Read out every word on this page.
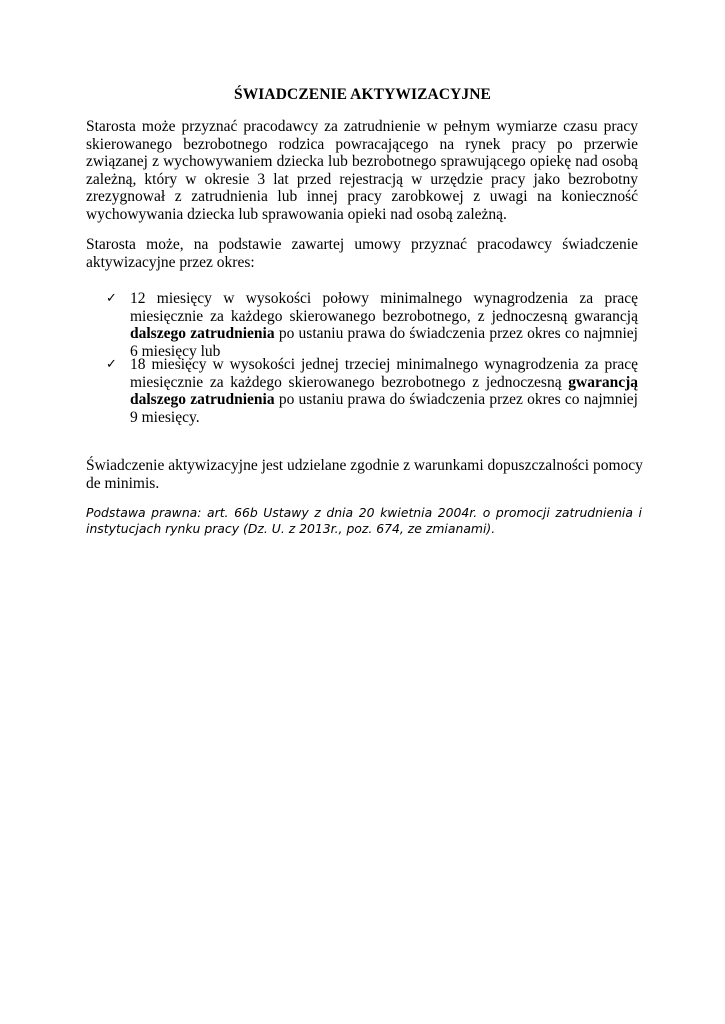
ŚWIADCZENIE AKTYWIZACYJNE
Starosta może przyznać pracodawcy za zatrudnienie w pełnym wymiarze czasu pracy skierowanego bezrobotnego rodzica powracającego na rynek pracy po przerwie związanej z wychowywaniem dziecka lub bezrobotnego sprawującego opiekę nad osobą zależną, który w okresie 3 lat przed rejestracją w urzędzie pracy jako bezrobotny zrezygnował z zatrudnienia lub innej pracy zarobkowej z uwagi na konieczność wychowywania dziecka lub sprawowania opieki nad osobą zależną.
Starosta może, na podstawie zawartej umowy przyznać pracodawcy świadczenie aktywizacyjne przez okres:
✓ 12 miesięcy w wysokości połowy minimalnego wynagrodzenia za pracę miesięcznie za każdego skierowanego bezrobotnego, z jednoczesną gwarancją dalszego zatrudnienia po ustaniu prawa do świadczenia przez okres co najmniej 6 miesięcy lub
✓ 18 miesięcy w wysokości jednej trzeciej minimalnego wynagrodzenia za pracę miesięcznie za każdego skierowanego bezrobotnego z jednoczesną gwarancją dalszego zatrudnienia po ustaniu prawa do świadczenia przez okres co najmniej 9 miesięcy.
Świadczenie aktywizacyjne jest udzielane zgodnie z warunkami dopuszczalności pomocy de minimis.
Podstawa prawna: art. 66b Ustawy z dnia 20 kwietnia 2004r. o promocji zatrudnienia i instytucjach rynku pracy (Dz. U. z 2013r., poz. 674, ze zmianami).
